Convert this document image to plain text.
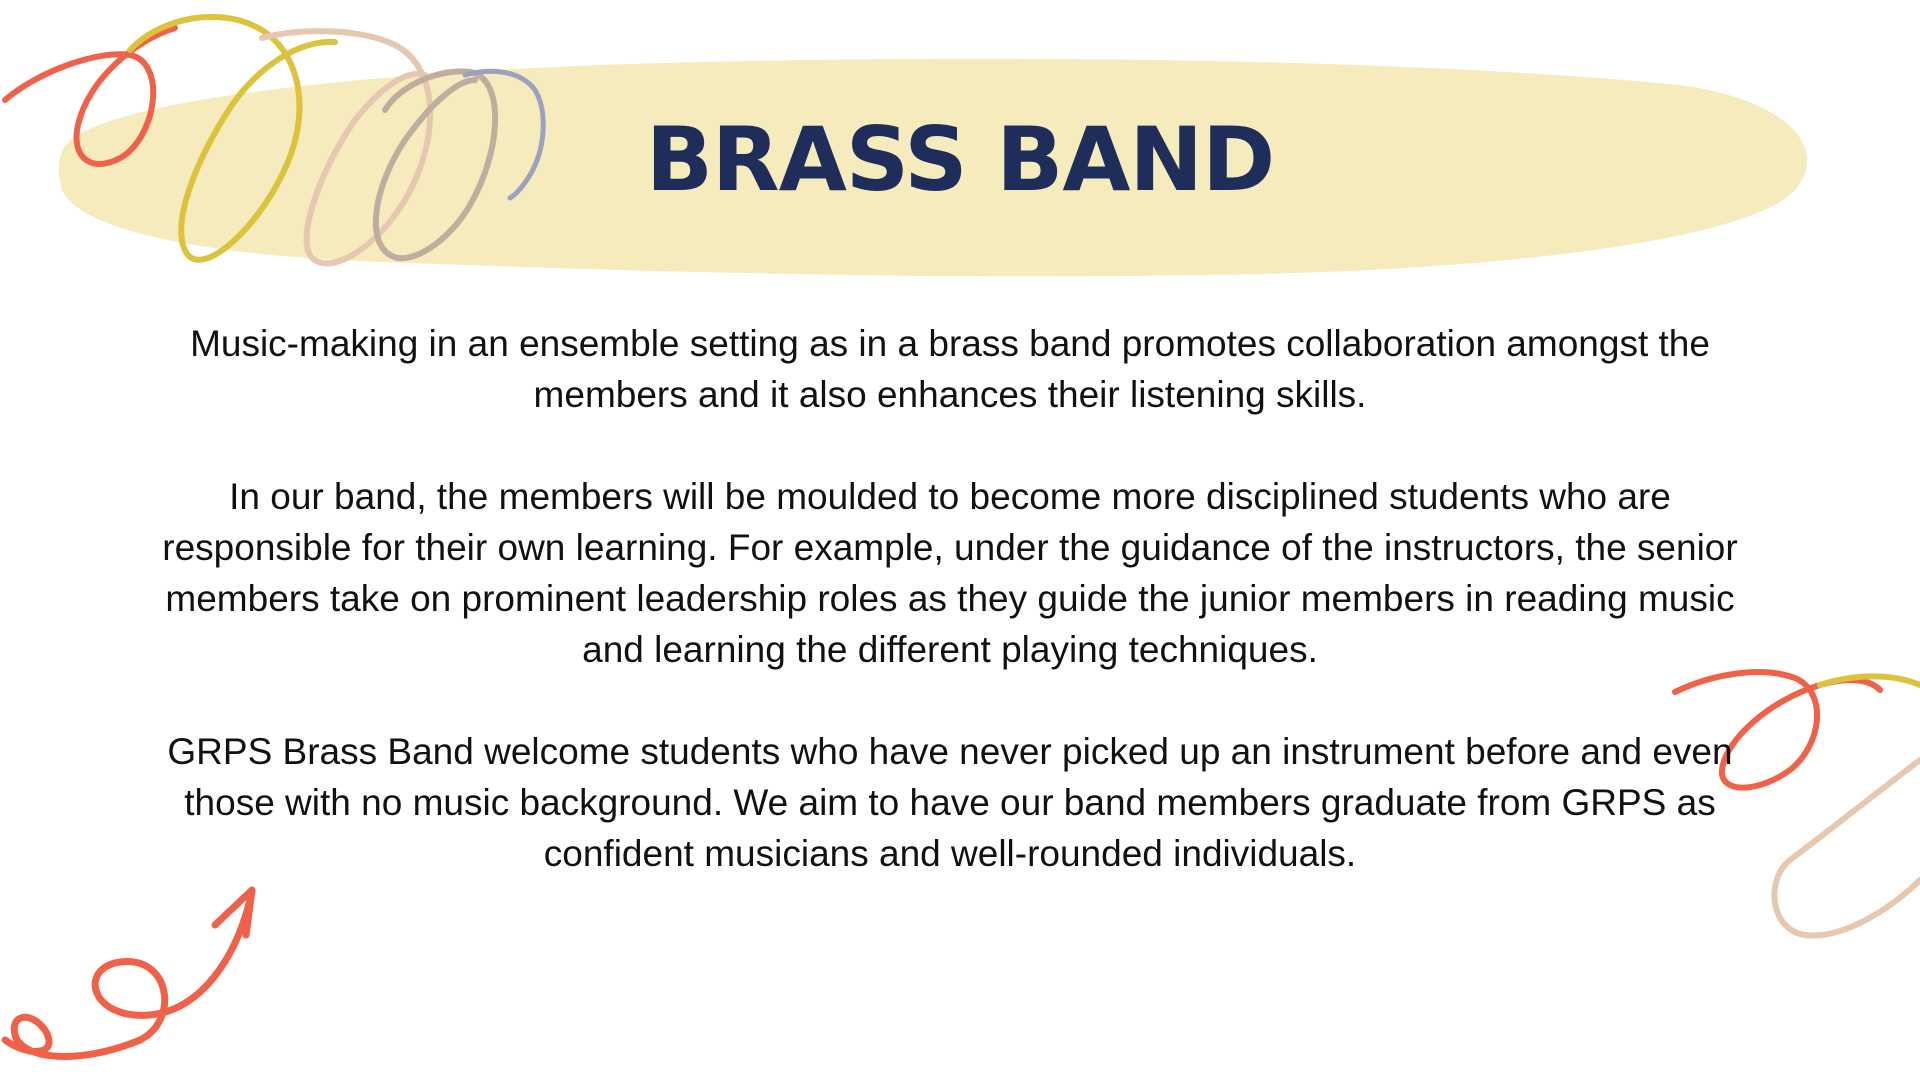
BRASS BAND

Music-making in an ensemble setting as in a brass band promotes collaboration amongst the members and it also enhances their listening skills.

In our band, the members will be moulded to become more disciplined students who are responsible for their own learning. For example, under the guidance of the instructors, the senior members take on prominent leadership roles as they guide the junior members in reading music and learning the different playing techniques.

GRPS Brass Band welcome students who have never picked up an instrument before and even those with no music background. We aim to have our band members graduate from GRPS as confident musicians and well-rounded individuals.
